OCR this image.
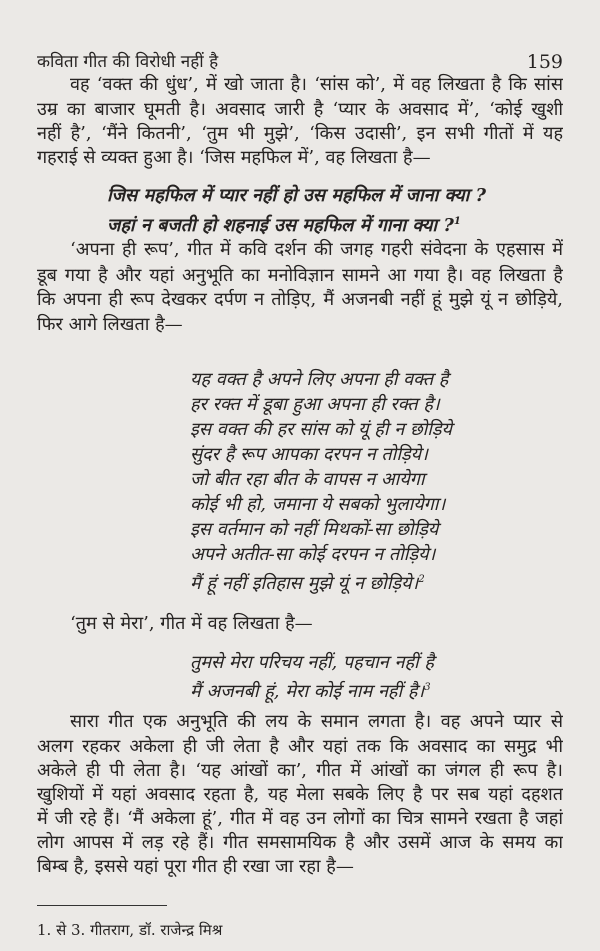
कविता गीत की विरोधी नहीं है	159
वह ‘वक्त की धुंध’, में खो जाता है। ‘सांस को’, में वह लिखता है कि सांस
उम्र का बाजार घूमती है। अवसाद जारी है ‘प्यार के अवसाद में’, ‘कोई खुशी
नहीं है’, ‘मैंने कितनी’, ‘तुम भी मुझे’, ‘किस उदासी’, इन सभी गीतों में यह
गहराई से व्यक्त हुआ है। ‘जिस महफिल में’, वह लिखता है—
जिस महफिल में प्यार नहीं हो उस महफिल में जाना क्या ?
जहां न बजती हो शहनाई उस महफिल में गाना क्या ?$^1$
‘अपना ही रूप’, गीत में कवि दर्शन की जगह गहरी संवेदना के एहसास में
डूब गया है और यहां अनुभूति का मनोविज्ञान सामने आ गया है। वह लिखता है
कि अपना ही रूप देखकर दर्पण न तोड़िए, मैं अजनबी नहीं हूं मुझे यूं न छोड़िये,
फिर आगे लिखता है—
यह वक्त है अपने लिए अपना ही वक्त है
हर रक्त में डूबा हुआ अपना ही रक्त है।
इस वक्त की हर सांस को यूं ही न छोड़िये
सुंदर है रूप आपका दरपन न तोड़िये।
जो बीत रहा बीत के वापस न आयेगा
कोई भी हो, जमाना ये सबको भुलायेगा।
इस वर्तमान को नहीं मिथकों-सा छोड़िये
अपने अतीत-सा कोई दरपन न तोड़िये।
मैं हूं नहीं इतिहास मुझे यूं न छोड़िये।$^2$
‘तुम से मेरा’, गीत में वह लिखता है—
तुमसे मेरा परिचय नहीं, पहचान नहीं है
मैं अजनबी हूं, मेरा कोई नाम नहीं है।$^3$
सारा गीत एक अनुभूति की लय के समान लगता है। वह अपने प्यार से
अलग रहकर अकेला ही जी लेता है और यहां तक कि अवसाद का समुद्र भी
अकेले ही पी लेता है। ‘यह आंखों का’, गीत में आंखों का जंगल ही रूप है।
खुशियों में यहां अवसाद रहता है, यह मेला सबके लिए है पर सब यहां दहशत
में जी रहे हैं। ‘मैं अकेला हूं’, गीत में वह उन लोगों का चित्र सामने रखता है जहां
लोग आपस में लड़ रहे हैं। गीत समसामयिक है और उसमें आज के समय का
बिम्ब है, इससे यहां पूरा गीत ही रखा जा रहा है—
1. से 3. गीतराग, डॉ. राजेन्द्र मिश्र
